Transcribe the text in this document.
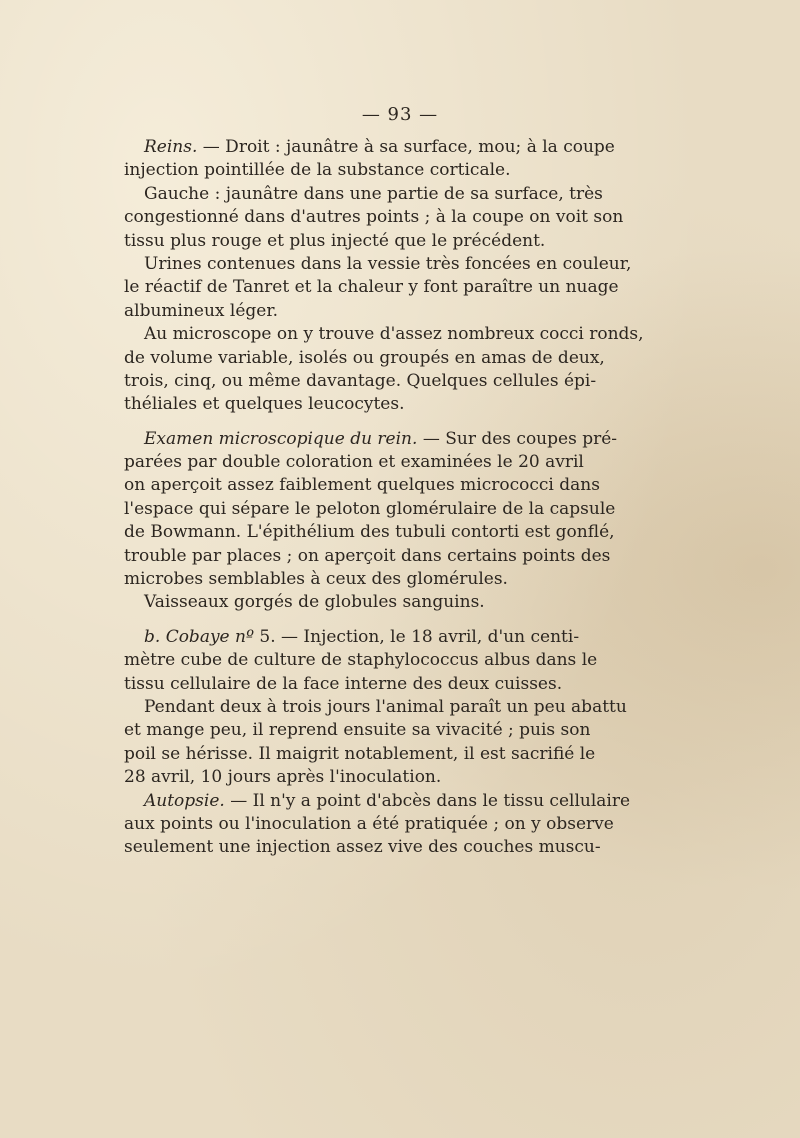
— 93 —
Reins. — Droit : jaunâtre à sa surface, mou; à la coupe
injection pointillée de la substance corticale.
Gauche : jaunâtre dans une partie de sa surface, très
congestionné dans d'autres points ; à la coupe on voit son
tissu plus rouge et plus injecté que le précédent.
Urines contenues dans la vessie très foncées en couleur,
le réactif de Tanret et la chaleur y font paraître un nuage
albumineux léger.
Au microscope on y trouve d'assez nombreux cocci ronds,
de volume variable, isolés ou groupés en amas de deux,
trois, cinq, ou même davantage. Quelques cellules épi-
théliales et quelques leucocytes.
Examen microscopique du rein. — Sur des coupes pré-
parées par double coloration et examinées le 20 avril
on aperçoit assez faiblement quelques micrococci dans
l'espace qui sépare le peloton glomérulaire de la capsule
de Bowmann. L'épithélium des tubuli contorti est gonflé,
trouble par places ; on aperçoit dans certains points des
microbes semblables à ceux des glomérules.
Vaisseaux gorgés de globules sanguins.
b. Cobaye nº 5. — Injection, le 18 avril, d'un centi-
mètre cube de culture de staphylococcus albus dans le
tissu cellulaire de la face interne des deux cuisses.
Pendant deux à trois jours l'animal paraît un peu abattu
et mange peu, il reprend ensuite sa vivacité ; puis son
poil se hérisse. Il maigrit notablement, il est sacrifié le
28 avril, 10 jours après l'inoculation.
Autopsie. — Il n'y a point d'abcès dans le tissu cellulaire
aux points ou l'inoculation a été pratiquée ; on y observe
seulement une injection assez vive des couches muscu-
